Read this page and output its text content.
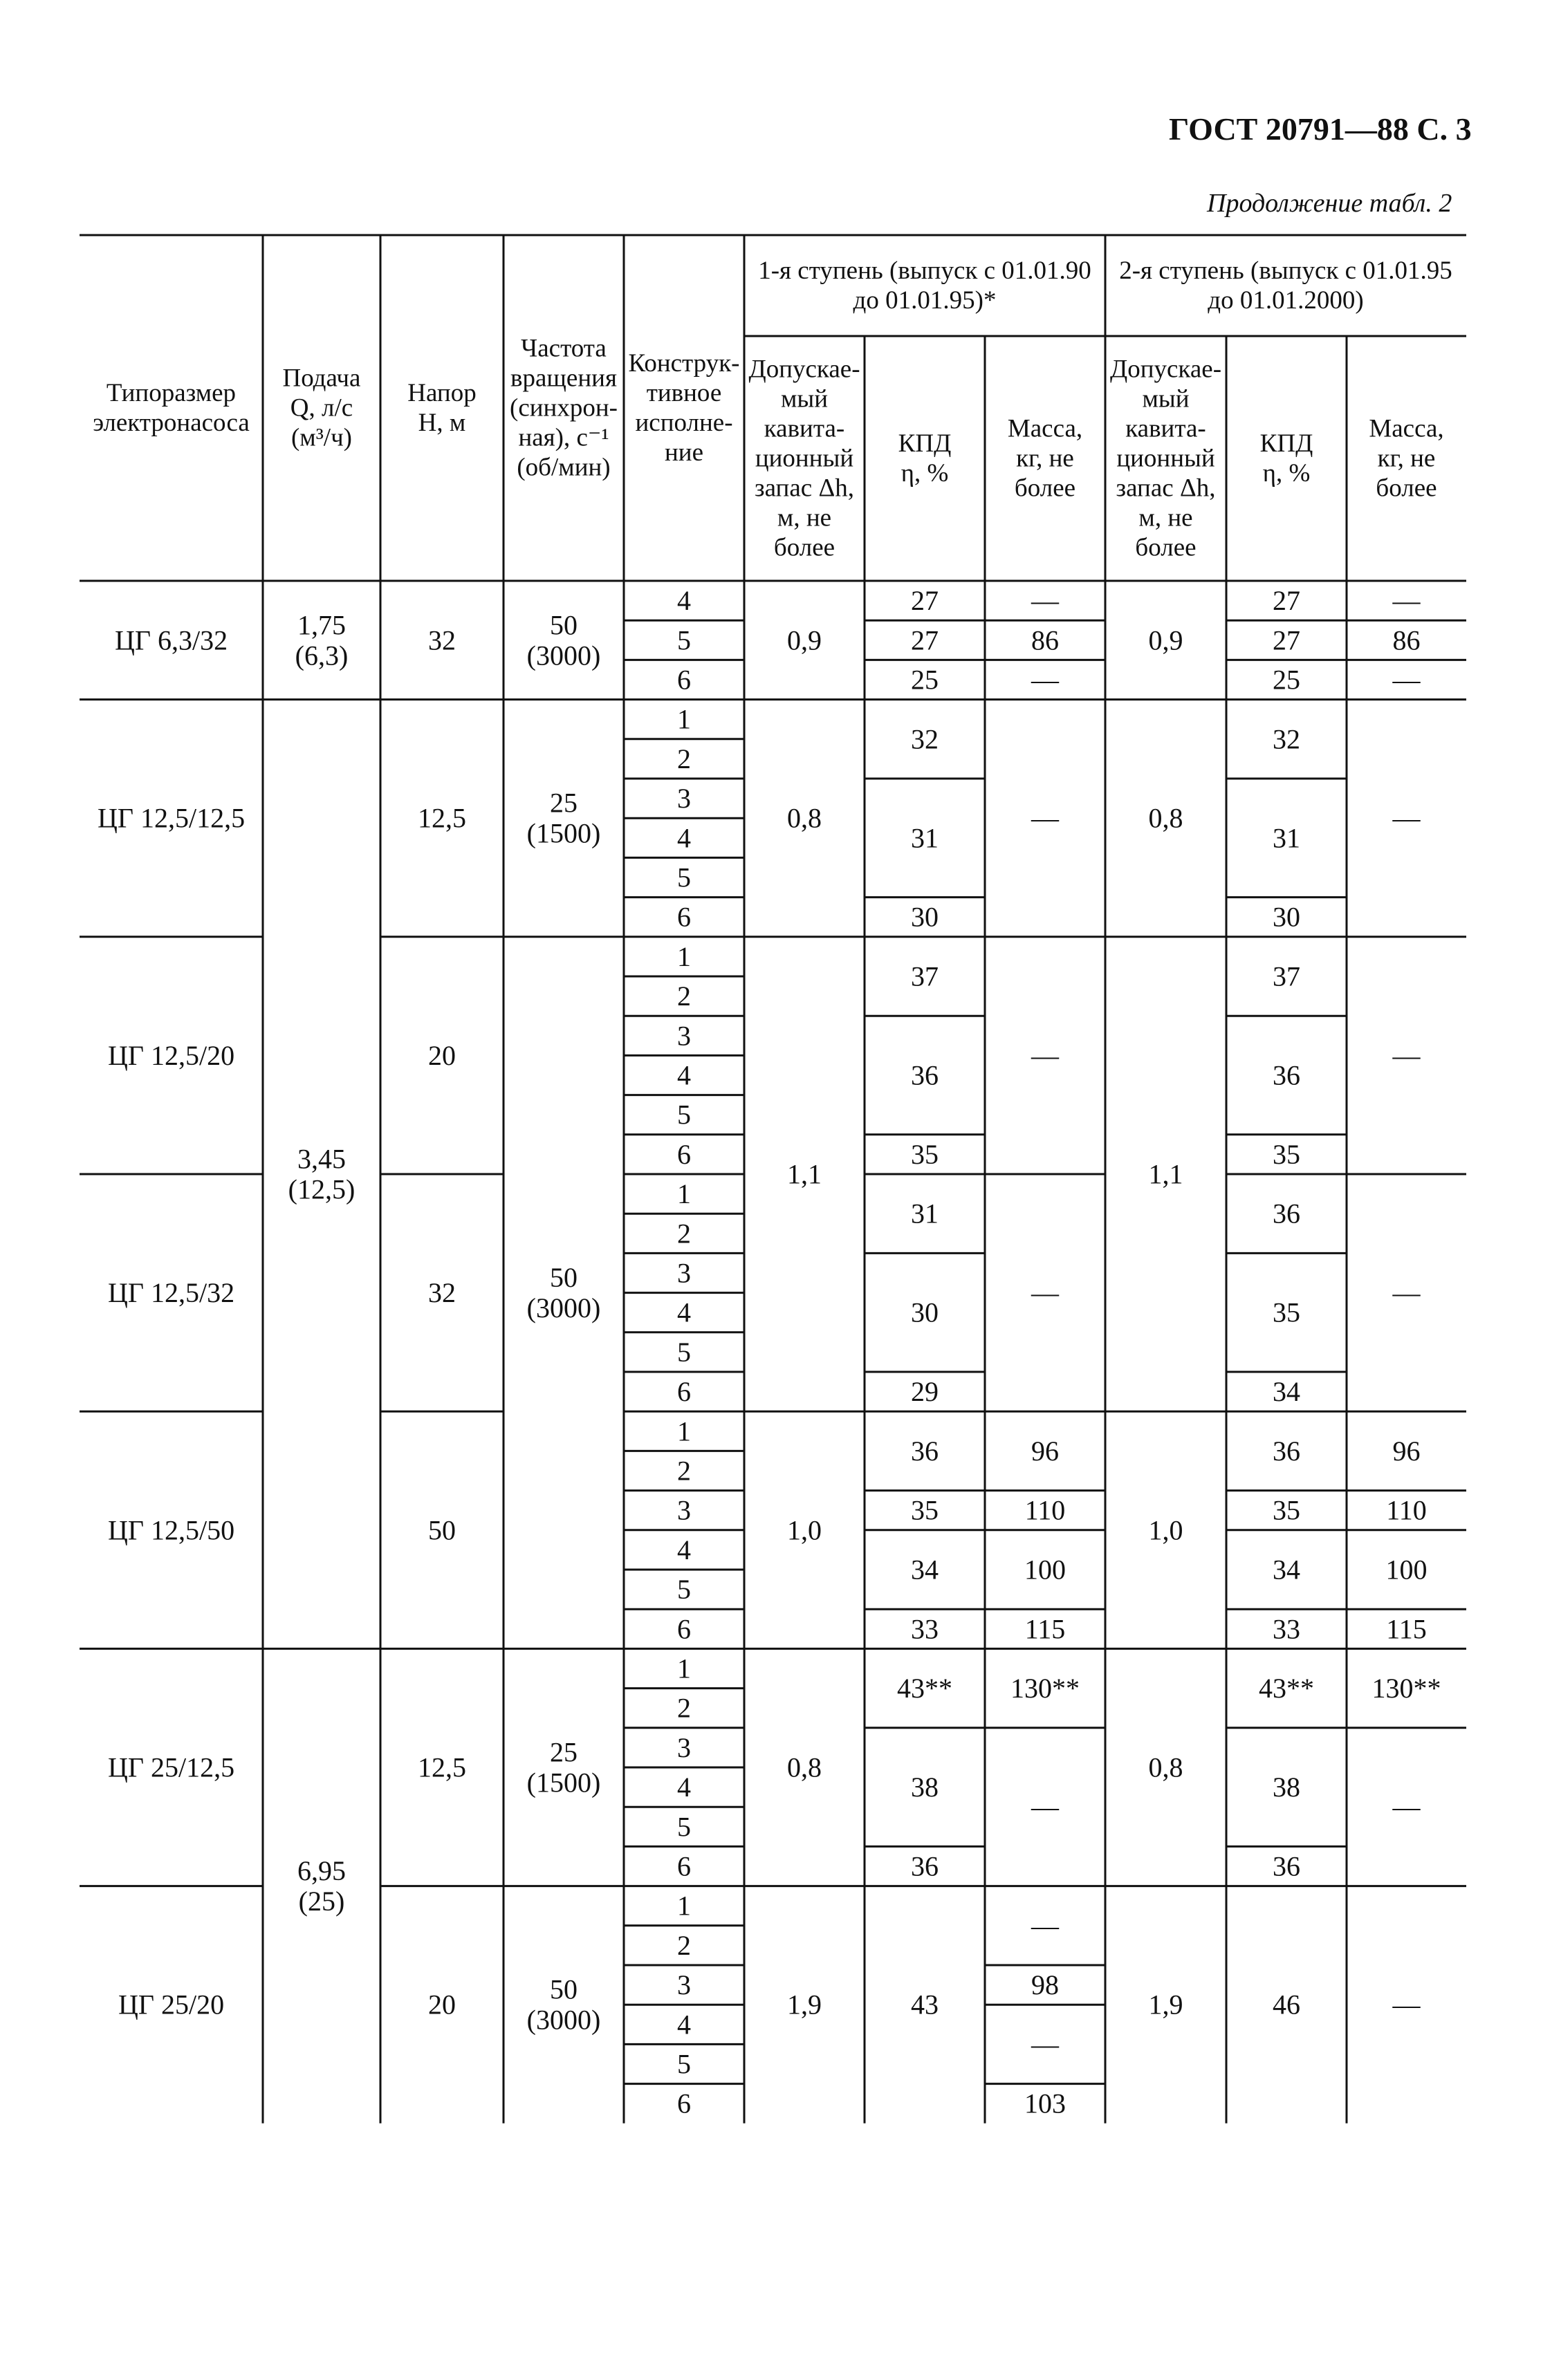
ГОСТ 20791—88 С. 3
Продолжение табл. 2
Типоразмер
электронасоса
Подача
Q, л/с
(м³/ч)
Напор
H, м
Частота
вращения
(синхрон-
ная), с⁻¹
(об/мин)
Конструк-
тивное
исполне-
ние
1-я ступень (выпуск с 01.01.90
до 01.01.95)*
2-я ступень (выпуск с 01.01.95
до 01.01.2000)
Допускае-
мый
кавита-
ционный
запас Δh,
м, не
более
КПД
η, %
Масса,
кг, не
более
Допускае-
мый
кавита-
ционный
запас Δh,
м, не
более
КПД
η, %
Масса,
кг, не
более
ЦГ 6,3/32
ЦГ 12,5/12,5
ЦГ 12,5/20
ЦГ 12,5/32
ЦГ 12,5/50
ЦГ 25/12,5
ЦГ 25/20
1,75
(6,3)
3,45
(12,5)
6,95
(25)
32
12,5
20
32
50
12,5
20
50
(3000)
25
(1500)
50
(3000)
25
(1500)
50
(3000)
4
5
6
1
2
3
4
5
6
1
2
3
4
5
6
1
2
3
4
5
6
1
2
3
4
5
6
1
2
3
4
5
6
1
2
3
4
5
6
0,9
0,8
1,1
1,0
0,8
1,9
27
27
25
32
31
30
37
36
35
31
30
29
36
35
34
33
43**
38
36
43
—
86
—
—
—
—
96
110
100
115
130**
—
—
98
—
103
0,9
0,8
1,1
1,0
0,8
1,9
27
27
25
32
31
30
37
36
35
36
35
34
36
35
34
33
43**
38
36
46
—
86
—
—
—
—
96
110
100
115
130**
—
—
